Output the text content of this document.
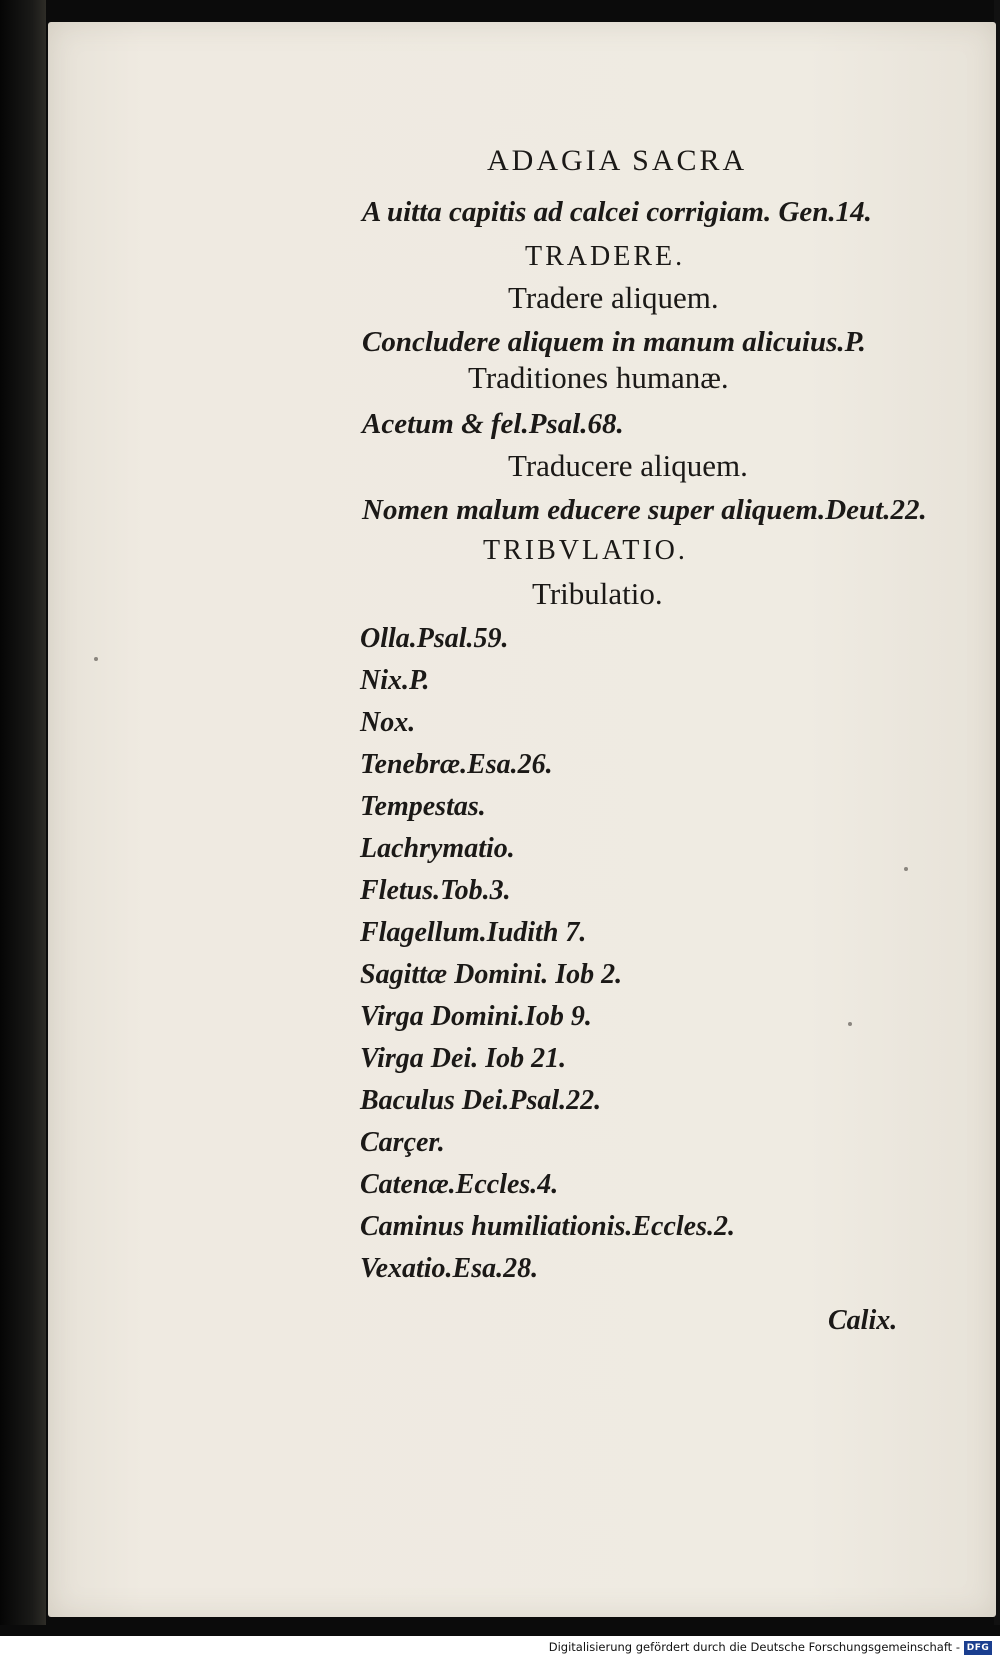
ADAGIA SACRA
A uitta capitis ad calcei corrigiam. Gen.14.
TRADERE.
Tradere aliquem.
Concludere aliquem in manum alicuius.P.
Traditiones humanæ.
Acetum & fel.Psal.68.
Traducere aliquem.
Nomen malum educere super aliquem.Deut.22.
TRIBVLATIO.
Tribulatio.
Olla.Psal.59.
Nix.P.
Nox.
Tenebræ.Esa.26.
Tempestas.
Lachrymatio.
Fletus.Tob.3.
Flagellum.Iudith 7.
Sagittæ Domini. Iob 2.
Virga Domini.Iob 9.
Virga Dei. Iob 21.
Baculus Dei.Psal.22.
Carçer.
Catenæ.Eccles.4.
Caminus humiliationis.Eccles.2.
Vexatio.Esa.28.
Calix.
Digitalisierung gefördert durch die Deutsche Forschungsgemeinschaft - DFG
